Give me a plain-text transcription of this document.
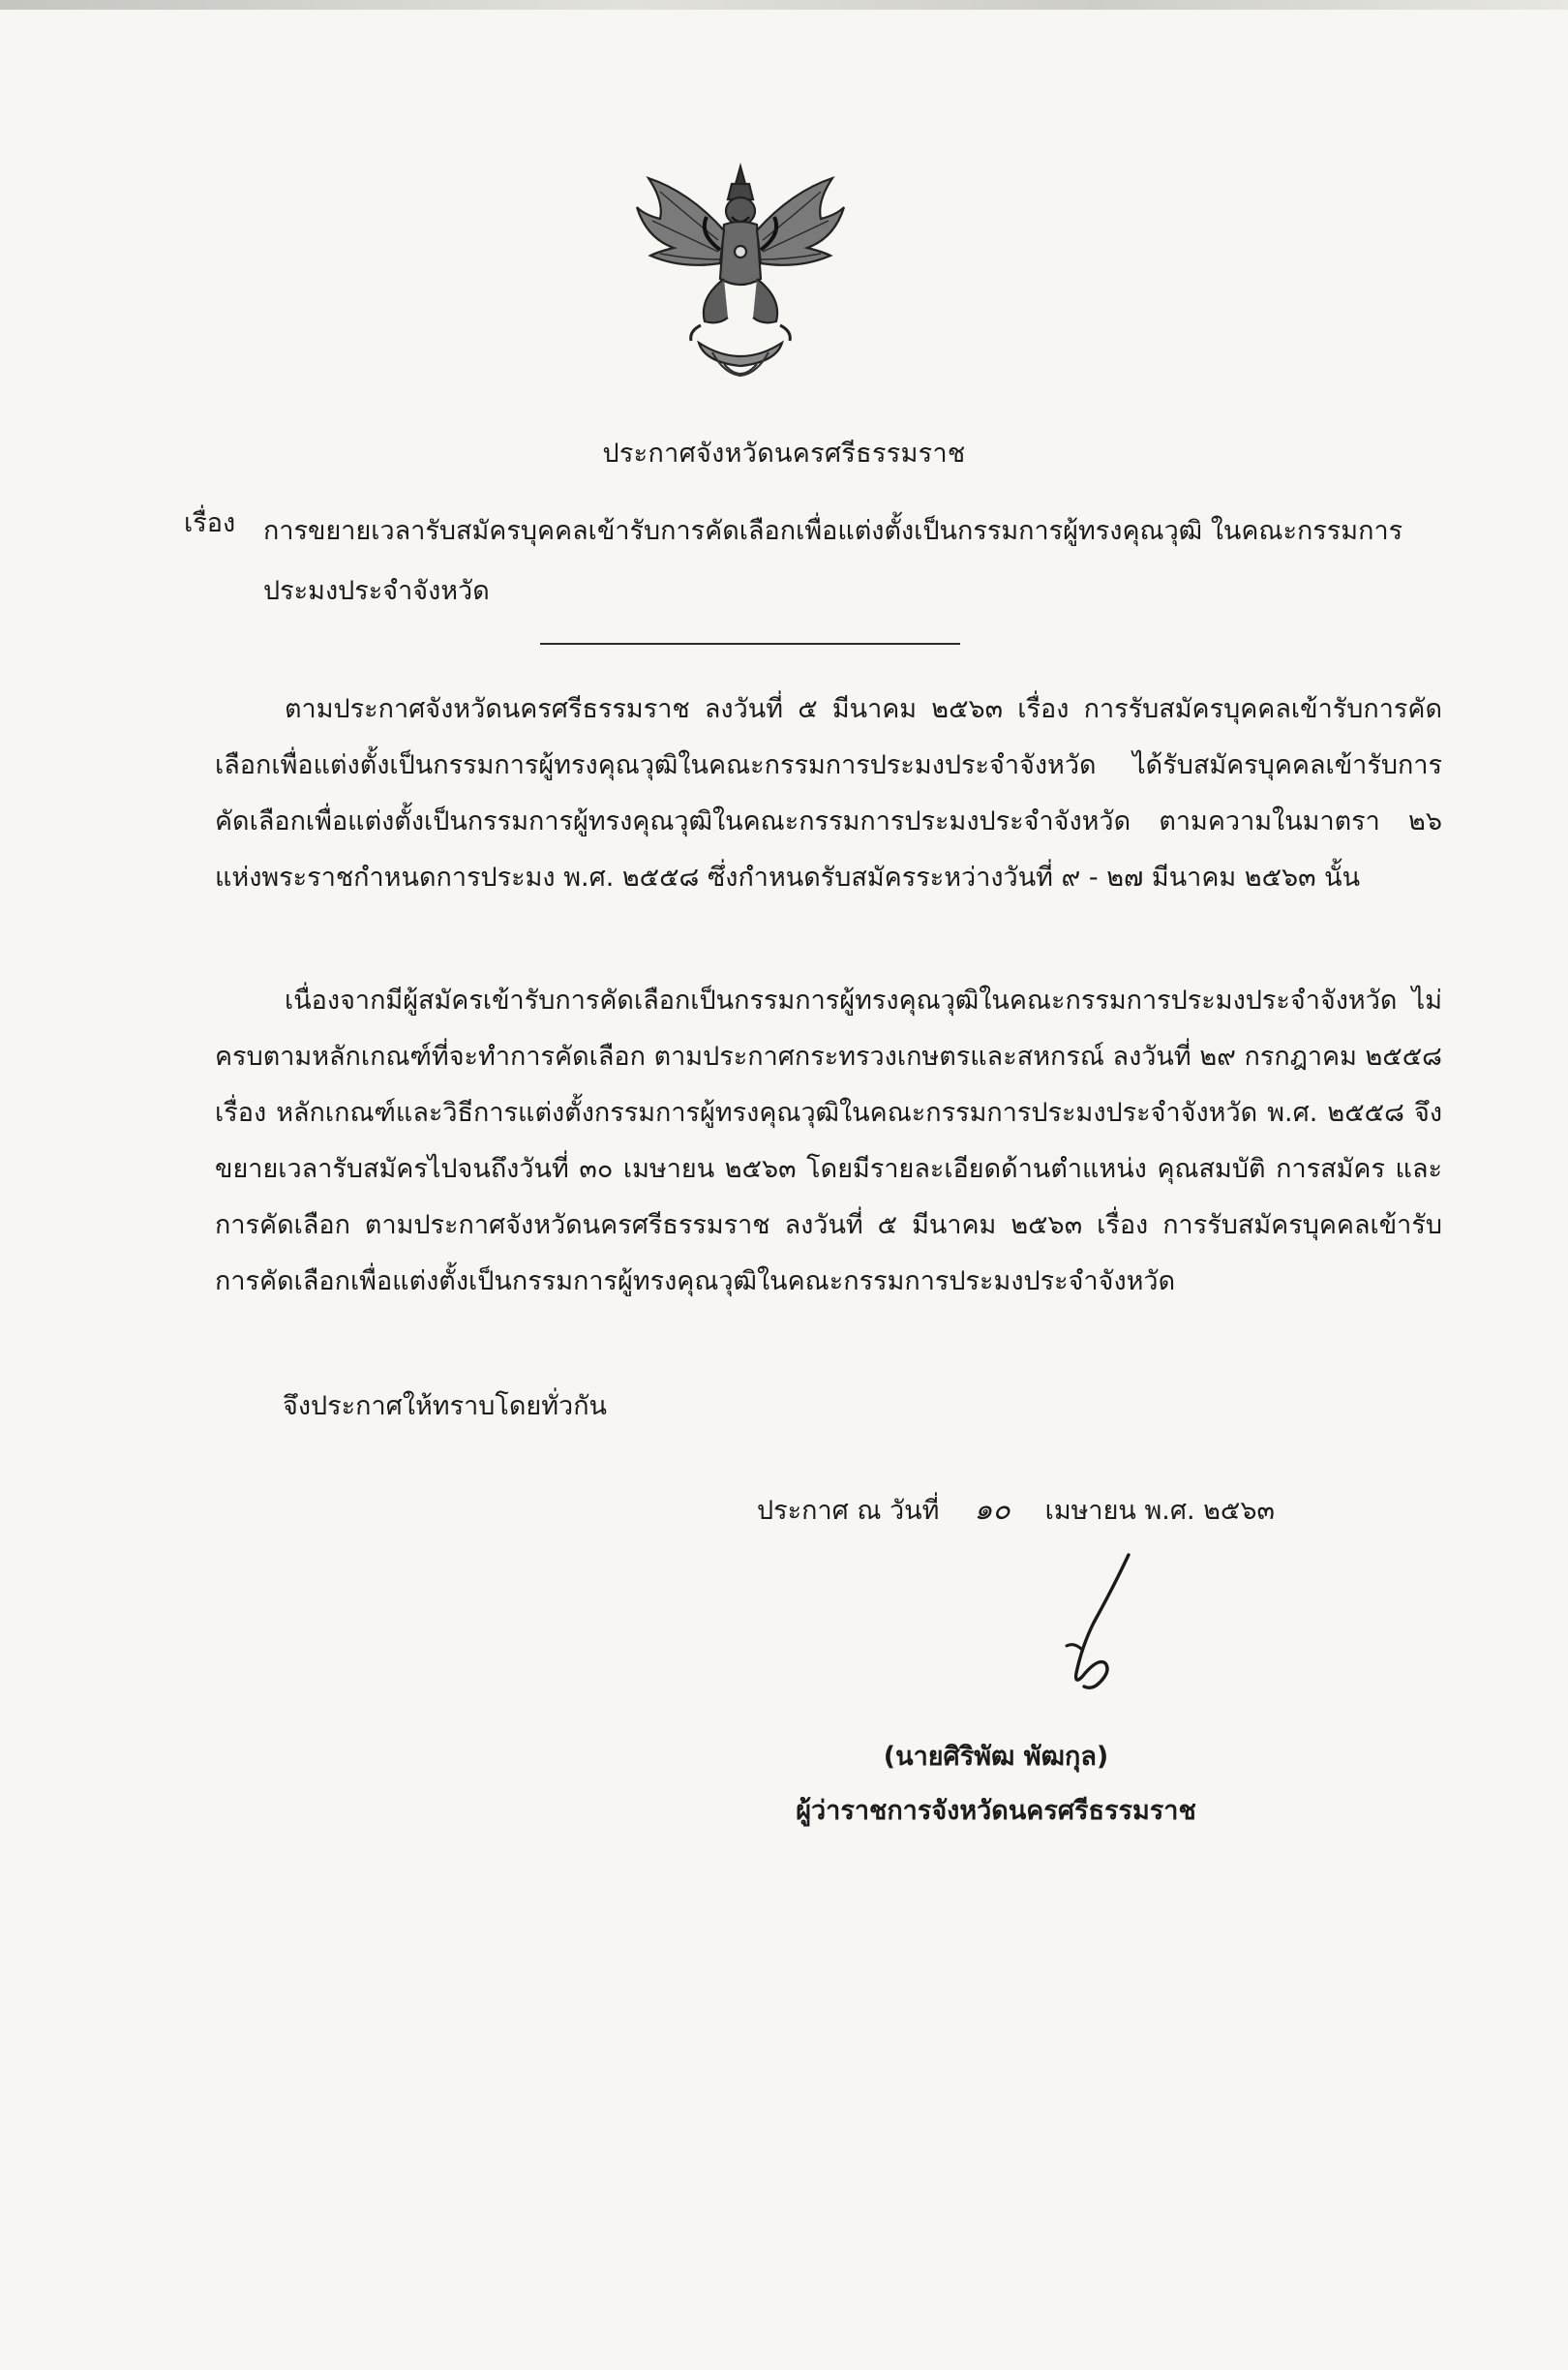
ประกาศจังหวัดนครศรีธรรมราช
เรื่อง การขยายเวลารับสมัครบุคคลเข้ารับการคัดเลือกเพื่อแต่งตั้งเป็นกรรมการผู้ทรงคุณวุฒิ ในคณะกรรมการประมงประจำจังหวัด
ตามประกาศจังหวัดนครศรีธรรมราช ลงวันที่ ๕ มีนาคม ๒๕๖๓ เรื่อง การรับสมัครบุคคลเข้ารับการคัดเลือกเพื่อแต่งตั้งเป็นกรรมการผู้ทรงคุณวุฒิในคณะกรรมการประมงประจำจังหวัด ได้รับสมัครบุคคลเข้ารับการคัดเลือกเพื่อแต่งตั้งเป็นกรรมการผู้ทรงคุณวุฒิในคณะกรรมการประมงประจำจังหวัด ตามความในมาตรา ๒๖ แห่งพระราชกำหนดการประมง พ.ศ. ๒๕๕๘ ซึ่งกำหนดรับสมัครระหว่างวันที่ ๙ - ๒๗ มีนาคม ๒๕๖๓ นั้น
เนื่องจากมีผู้สมัครเข้ารับการคัดเลือกเป็นกรรมการผู้ทรงคุณวุฒิในคณะกรรมการประมงประจำจังหวัด ไม่ครบตามหลักเกณฑ์ที่จะทำการคัดเลือก ตามประกาศกระทรวงเกษตรและสหกรณ์ ลงวันที่ ๒๙ กรกฎาคม ๒๕๕๘ เรื่อง หลักเกณฑ์และวิธีการแต่งตั้งกรรมการผู้ทรงคุณวุฒิในคณะกรรมการประมงประจำจังหวัด พ.ศ. ๒๕๕๘ จึงขยายเวลารับสมัครไปจนถึงวันที่ ๓๐ เมษายน ๒๕๖๓ โดยมีรายละเอียดด้านตำแหน่ง คุณสมบัติ การสมัคร และการคัดเลือก ตามประกาศจังหวัดนครศรีธรรมราช ลงวันที่ ๕ มีนาคม ๒๕๖๓ เรื่อง การรับสมัครบุคคลเข้ารับการคัดเลือกเพื่อแต่งตั้งเป็นกรรมการผู้ทรงคุณวุฒิในคณะกรรมการประมงประจำจังหวัด
จึงประกาศให้ทราบโดยทั่วกัน
ประกาศ ณ วันที่ ๑๐ เมษายน พ.ศ. ๒๕๖๓
(นายศิริพัฒ พัฒกุล)
ผู้ว่าราชการจังหวัดนครศรีธรรมราช
